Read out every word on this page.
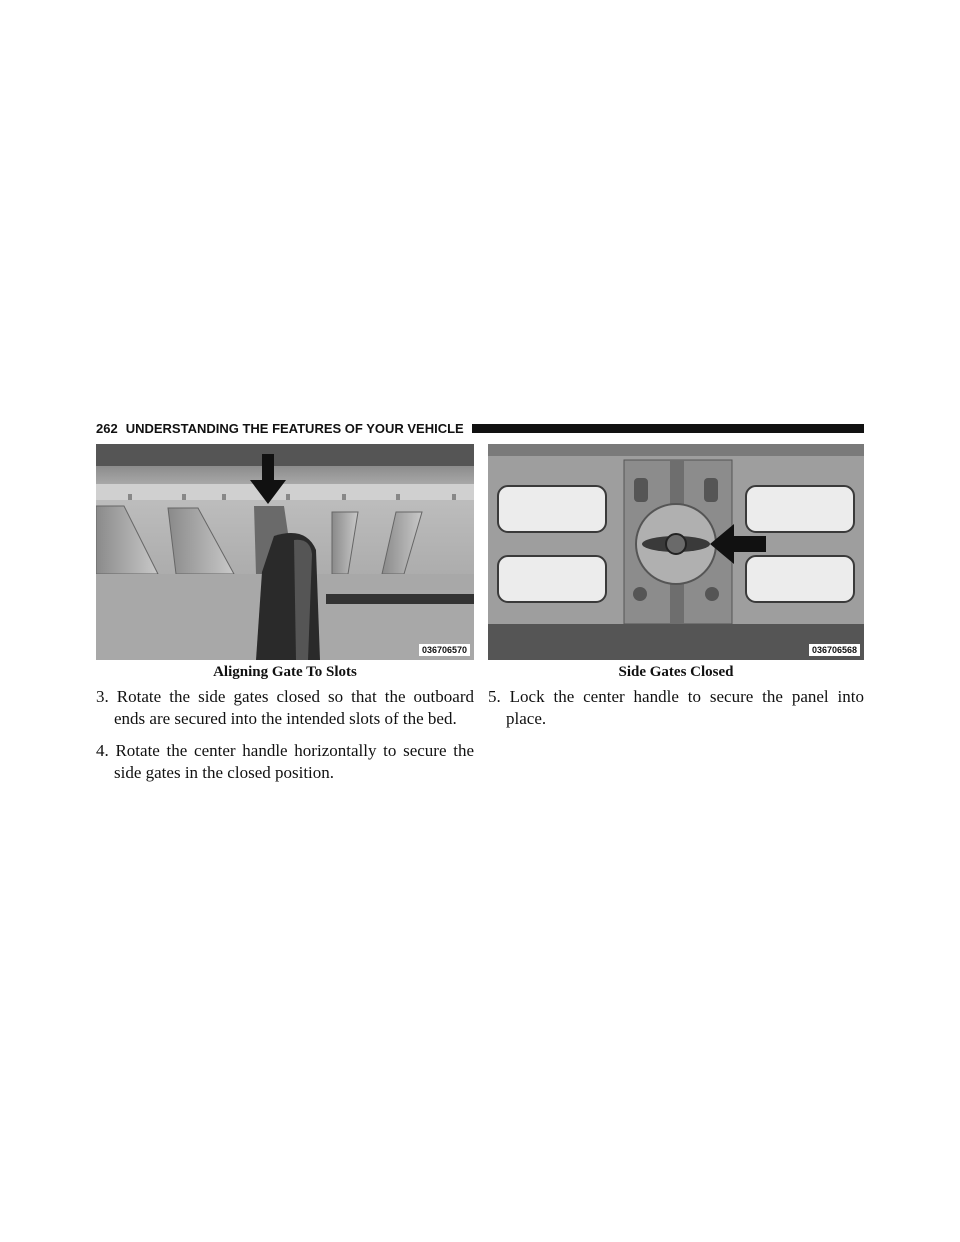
262 UNDERSTANDING THE FEATURES OF YOUR VEHICLE
036706570	036706568
Aligning Gate To Slots	Side Gates Closed

3. Rotate the side gates closed so that the outboard ends are secured into the intended slots of the bed.

4. Rotate the center handle horizontally to secure the side gates in the closed position.

5. Lock the center handle to secure the panel into place.
